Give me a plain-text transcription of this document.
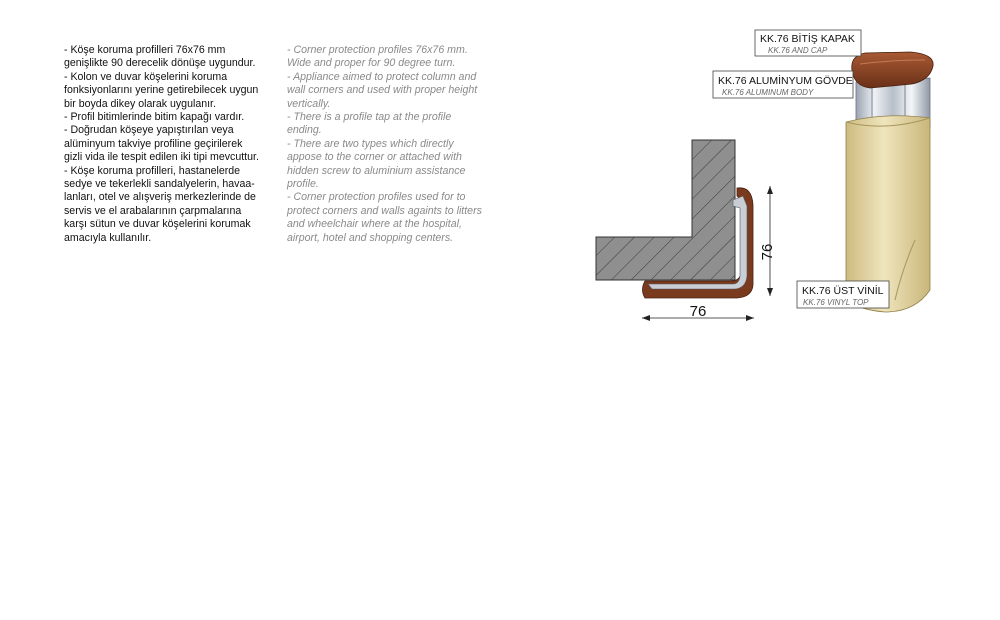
- Köşe koruma profilleri 76x76 mm

genişlikte 90 derecelik dönüşe uygundur.

- Kolon ve duvar köşelerini koruma

fonksiyonlarını yerine getirebilecek uygun

bir boyda dikey olarak uygulanır.

- Profil bitimlerinde bitim kapağı vardır.

- Doğrudan köşeye yapıştırılan veya

alüminyum takviye profiline geçirilerek

gizli vida ile tespit edilen iki tipi mevcuttur.

- Köşe koruma profilleri, hastanelerde

sedye ve tekerlekli sandalyelerin, havaa-

lanları, otel ve alışveriş merkezlerinde de

servis ve el arabalarının çarpmalarına

karşı sütun ve duvar köşelerini korumak

amacıyla kullanılır.

- Corner protection profiles 76x76 mm.

Wide and proper for 90 degree turn.

- Appliance aimed to protect column and

wall corners and used with proper height

vertically.

- There is a profile tap at the profile

ending.

- There are two types which directly

appose to the corner or attached with

hidden screw to aluminium assistance

profile.

- Corner protection profiles used for to

protect corners and walls againts to litters

and wheelchair where at the hospital,

airport, hotel and shopping centers.

76
76
KK.76 BİTİŞ KAPAK
KK.76 AND CAP
KK.76 ALUMİNYUM GÖVDE
KK.76 ALUMINUM BODY
KK.76 ÜST VİNİL
KK.76 VINYL TOP
